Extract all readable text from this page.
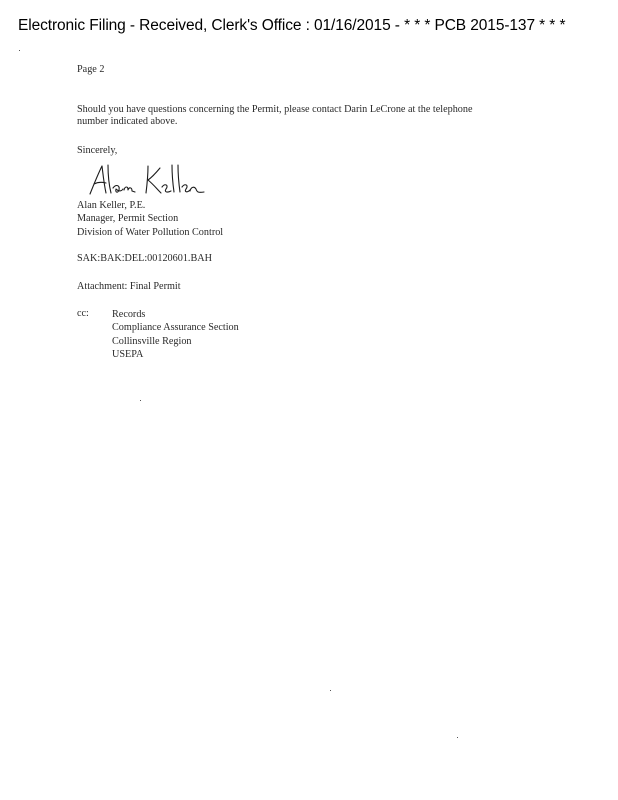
Electronic Filing - Received, Clerk's Office : 01/16/2015 - * * * PCB 2015-137 * * *
Page 2
Should you have questions concerning the Permit, please contact Darin LeCrone at the telephone
number indicated above.
Sincerely,
Alan Keller, P.E.
Manager, Permit Section
Division of Water Pollution Control
SAK:BAK:DEL:00120601.BAH
Attachment: Final Permit
cc: Records
Compliance Assurance Section
Collinsville Region
USEPA
